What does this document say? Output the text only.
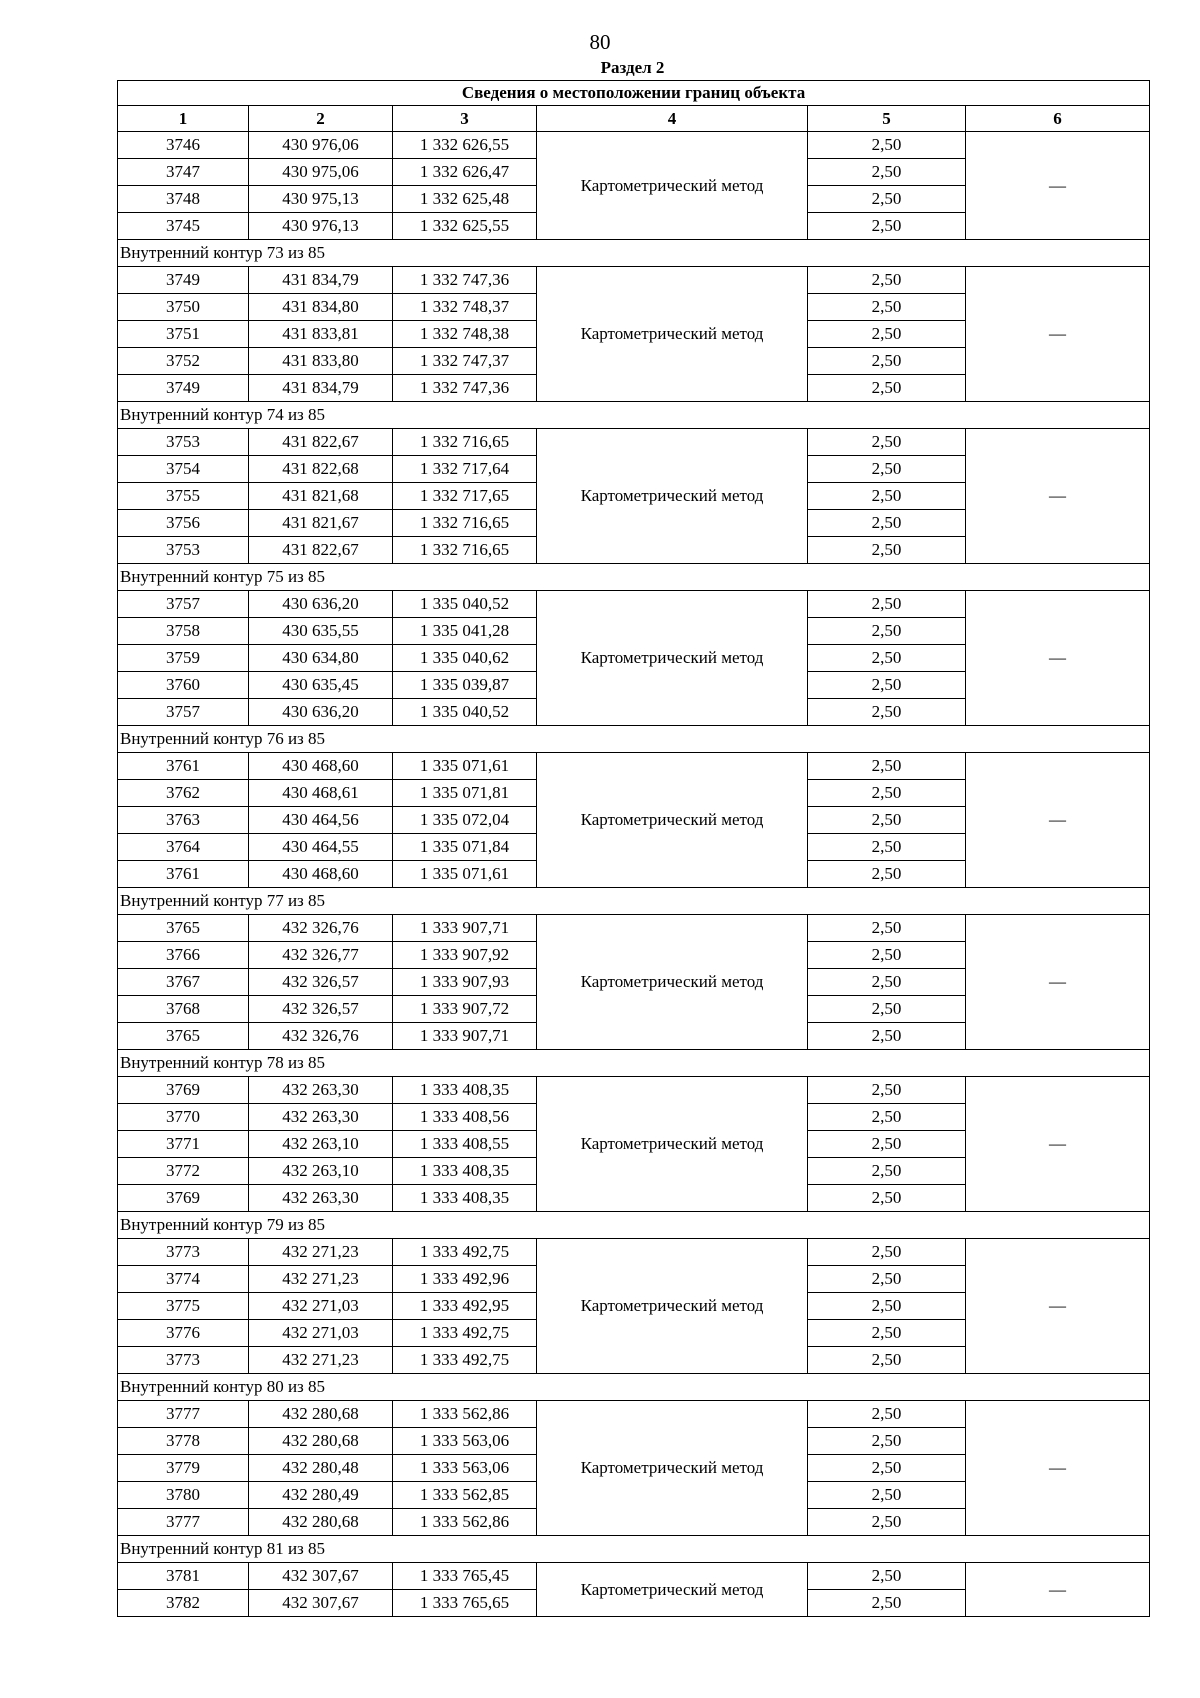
80
Раздел 2
Сведения о местоположении границ объекта					
1	2	3	4	5	6
3746	430 976,06	1 332 626,55	Картометрический метод	2,50	—
3747	430 975,06	1 332 626,47		2,50	
3748	430 975,13	1 332 625,48		2,50	
3745	430 976,13	1 332 625,55		2,50	
Внутренний контур 73 из 85					
3749	431 834,79	1 332 747,36	Картометрический метод	2,50	—
3750	431 834,80	1 332 748,37		2,50	
3751	431 833,81	1 332 748,38		2,50	
3752	431 833,80	1 332 747,37		2,50	
3749	431 834,79	1 332 747,36		2,50	
Внутренний контур 74 из 85					
3753	431 822,67	1 332 716,65	Картометрический метод	2,50	—
3754	431 822,68	1 332 717,64		2,50	
3755	431 821,68	1 332 717,65		2,50	
3756	431 821,67	1 332 716,65		2,50	
3753	431 822,67	1 332 716,65		2,50	
Внутренний контур 75 из 85					
3757	430 636,20	1 335 040,52	Картометрический метод	2,50	—
3758	430 635,55	1 335 041,28		2,50	
3759	430 634,80	1 335 040,62		2,50	
3760	430 635,45	1 335 039,87		2,50	
3757	430 636,20	1 335 040,52		2,50	
Внутренний контур 76 из 85					
3761	430 468,60	1 335 071,61	Картометрический метод	2,50	—
3762	430 468,61	1 335 071,81		2,50	
3763	430 464,56	1 335 072,04		2,50	
3764	430 464,55	1 335 071,84		2,50	
3761	430 468,60	1 335 071,61		2,50	
Внутренний контур 77 из 85					
3765	432 326,76	1 333 907,71	Картометрический метод	2,50	—
3766	432 326,77	1 333 907,92		2,50	
3767	432 326,57	1 333 907,93		2,50	
3768	432 326,57	1 333 907,72		2,50	
3765	432 326,76	1 333 907,71		2,50	
Внутренний контур 78 из 85					
3769	432 263,30	1 333 408,35	Картометрический метод	2,50	—
3770	432 263,30	1 333 408,56		2,50	
3771	432 263,10	1 333 408,55		2,50	
3772	432 263,10	1 333 408,35		2,50	
3769	432 263,30	1 333 408,35		2,50	
Внутренний контур 79 из 85					
3773	432 271,23	1 333 492,75	Картометрический метод	2,50	—
3774	432 271,23	1 333 492,96		2,50	
3775	432 271,03	1 333 492,95		2,50	
3776	432 271,03	1 333 492,75		2,50	
3773	432 271,23	1 333 492,75		2,50	
Внутренний контур 80 из 85					
3777	432 280,68	1 333 562,86	Картометрический метод	2,50	—
3778	432 280,68	1 333 563,06		2,50	
3779	432 280,48	1 333 563,06		2,50	
3780	432 280,49	1 333 562,85		2,50	
3777	432 280,68	1 333 562,86		2,50	
Внутренний контур 81 из 85					
3781	432 307,67	1 333 765,45	Картометрический метод	2,50	—
3782	432 307,67	1 333 765,65		2,50	
